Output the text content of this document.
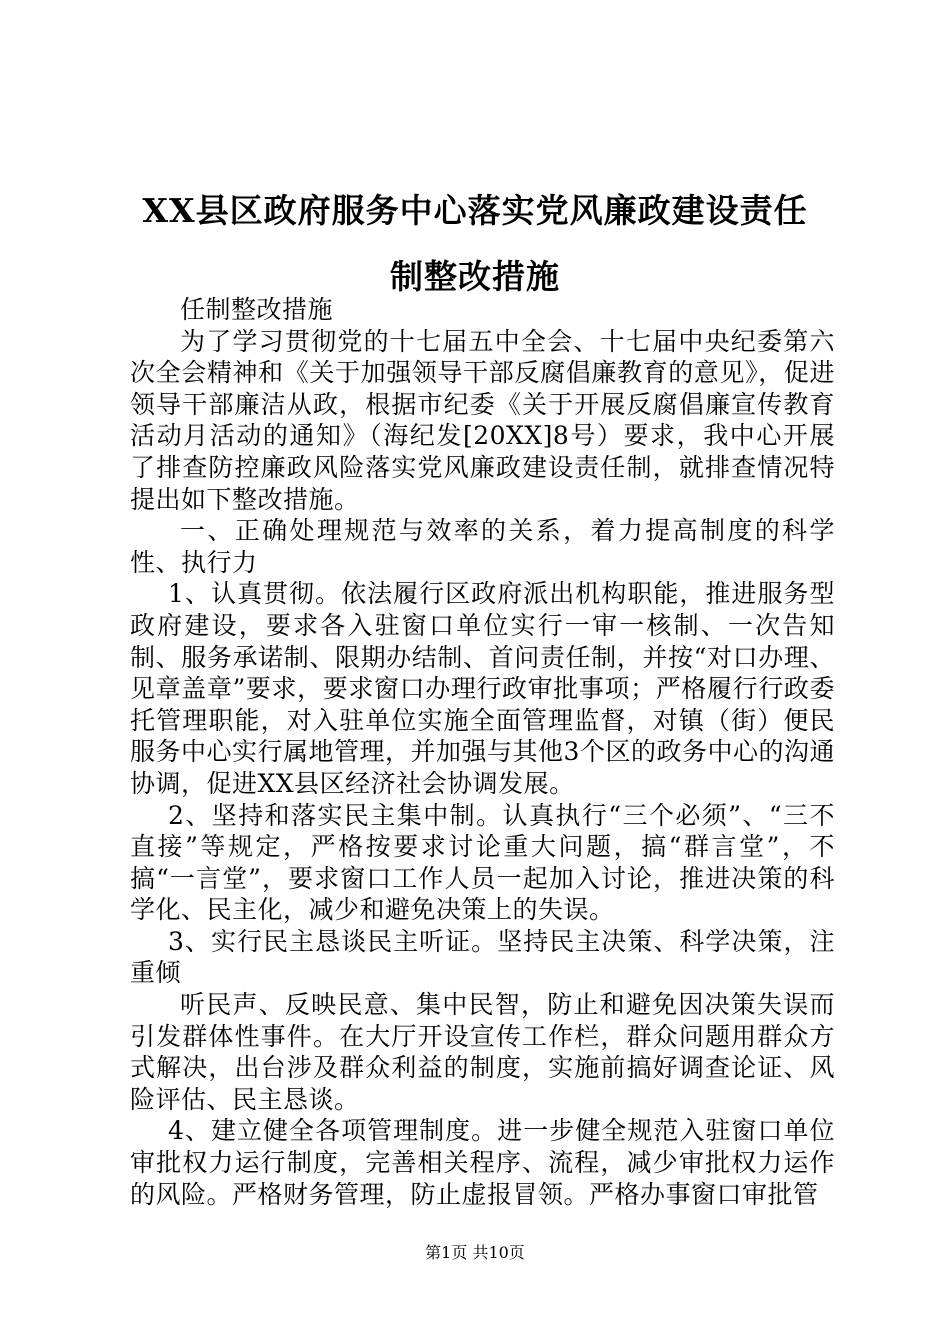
XX县区政府服务中心落实党风廉政建设责任
制整改措施

任制整改措施

为了学习贯彻党的十七届五中全会、十七届中央纪委第六次全会精神和《关于加强领导干部反腐倡廉教育的意见》，促进领导干部廉洁从政，根据市纪委《关于开展反腐倡廉宣传教育活动月活动的通知》（海纪发[20XX]8号）要求，我中心开展了排查防控廉政风险落实党风廉政建设责任制，就排查情况特提出如下整改措施。

一、正确处理规范与效率的关系，着力提高制度的科学性、执行力

1、认真贯彻。依法履行区政府派出机构职能，推进服务型政府建设，要求各入驻窗口单位实行一审一核制、一次告知制、服务承诺制、限期办结制、首问责任制，并按“对口办理、见章盖章”要求，要求窗口办理行政审批事项；严格履行行政委托管理职能，对入驻单位实施全面管理监督，对镇（街）便民服务中心实行属地管理，并加强与其他3个区的政务中心的沟通协调，促进XX县区经济社会协调发展。

2、坚持和落实民主集中制。认真执行“三个必须”、“三不直接”等规定，严格按要求讨论重大问题，搞“群言堂”，不搞“一言堂”，要求窗口工作人员一起加入讨论，推进决策的科学化、民主化，减少和避免决策上的失误。

3、实行民主恳谈民主听证。坚持民主决策、科学决策，注重倾

听民声、反映民意、集中民智，防止和避免因决策失误而引发群体性事件。在大厅开设宣传工作栏，群众问题用群众方式解决，出台涉及群众利益的制度，实施前搞好调查论证、风险评估、民主恳谈。

4、建立健全各项管理制度。进一步健全规范入驻窗口单位审批权力运行制度，完善相关程序、流程，减少审批权力运作的风险。严格财务管理，防止虚报冒领。严格办事窗口审批管

第1页 共10页
